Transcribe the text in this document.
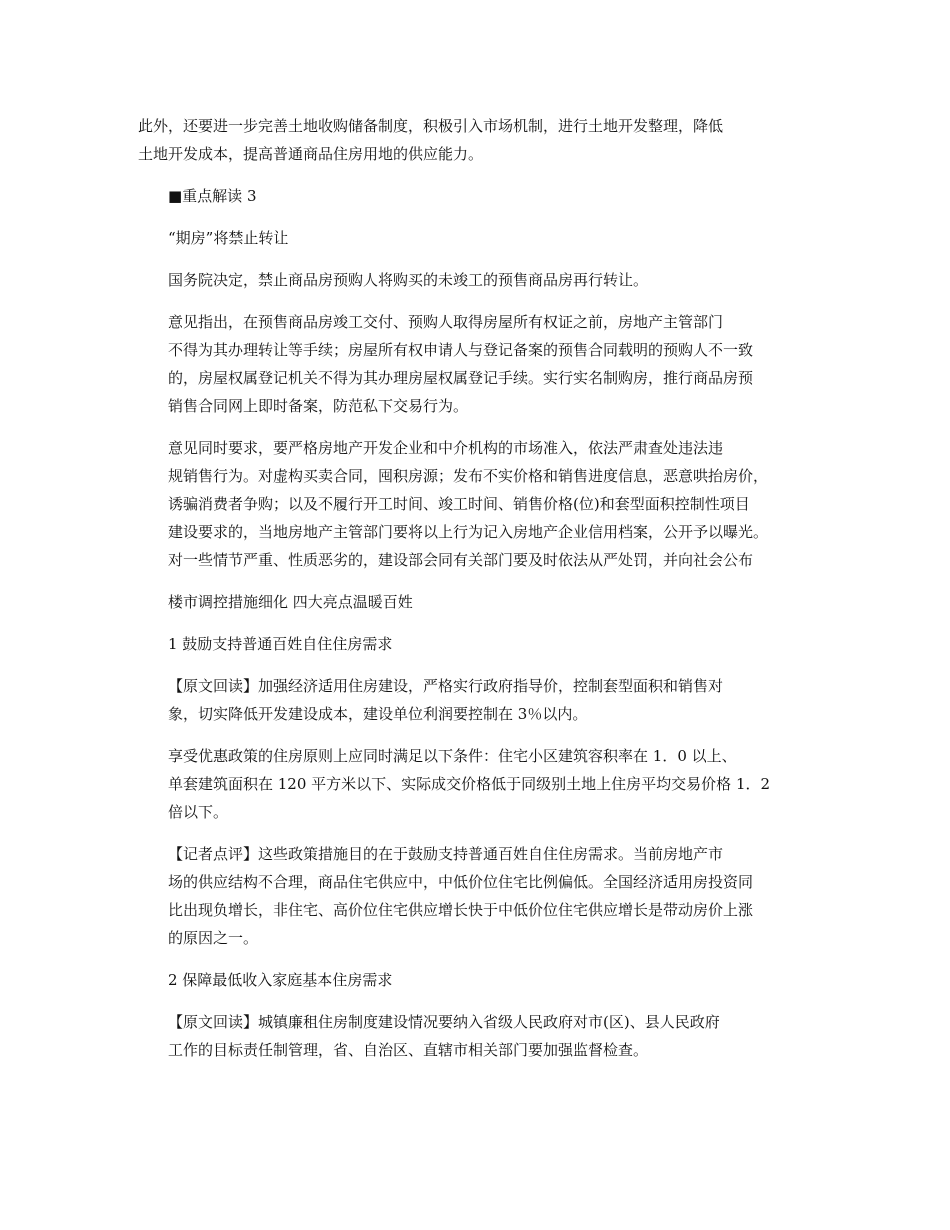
此外，还要进一步完善土地收购储备制度，积极引入市场机制，进行土地开发整理，降低
土地开发成本，提高普通商品住房用地的供应能力。

■重点解读 3

“期房”将禁止转让

国务院决定，禁止商品房预购人将购买的未竣工的预售商品房再行转让。

意见指出，在预售商品房竣工交付、预购人取得房屋所有权证之前，房地产主管部门
不得为其办理转让等手续；房屋所有权申请人与登记备案的预售合同载明的预购人不一致
的，房屋权属登记机关不得为其办理房屋权属登记手续。实行实名制购房，推行商品房预
销售合同网上即时备案，防范私下交易行为。

意见同时要求，要严格房地产开发企业和中介机构的市场准入，依法严肃查处违法违
规销售行为。对虚构买卖合同，囤积房源；发布不实价格和销售进度信息，恶意哄抬房价，
诱骗消费者争购；以及不履行开工时间、竣工时间、销售价格(位)和套型面积控制性项目
建设要求的，当地房地产主管部门要将以上行为记入房地产企业信用档案，公开予以曝光。
对一些情节严重、性质恶劣的，建设部会同有关部门要及时依法从严处罚，并向社会公布

楼市调控措施细化 四大亮点温暖百姓

1 鼓励支持普通百姓自住住房需求

【原文回读】加强经济适用住房建设，严格实行政府指导价，控制套型面积和销售对
象，切实降低开发建设成本，建设单位利润要控制在 3％以内。

享受优惠政策的住房原则上应同时满足以下条件：住宅小区建筑容积率在 1．0 以上、
单套建筑面积在 120 平方米以下、实际成交价格低于同级别土地上住房平均交易价格 1．2
倍以下。

【记者点评】这些政策措施目的在于鼓励支持普通百姓自住住房需求。当前房地产市
场的供应结构不合理，商品住宅供应中，中低价位住宅比例偏低。全国经济适用房投资同
比出现负增长，非住宅、高价位住宅供应增长快于中低价位住宅供应增长是带动房价上涨
的原因之一。

2 保障最低收入家庭基本住房需求

【原文回读】城镇廉租住房制度建设情况要纳入省级人民政府对市(区)、县人民政府
工作的目标责任制管理，省、自治区、直辖市相关部门要加强监督检查。
